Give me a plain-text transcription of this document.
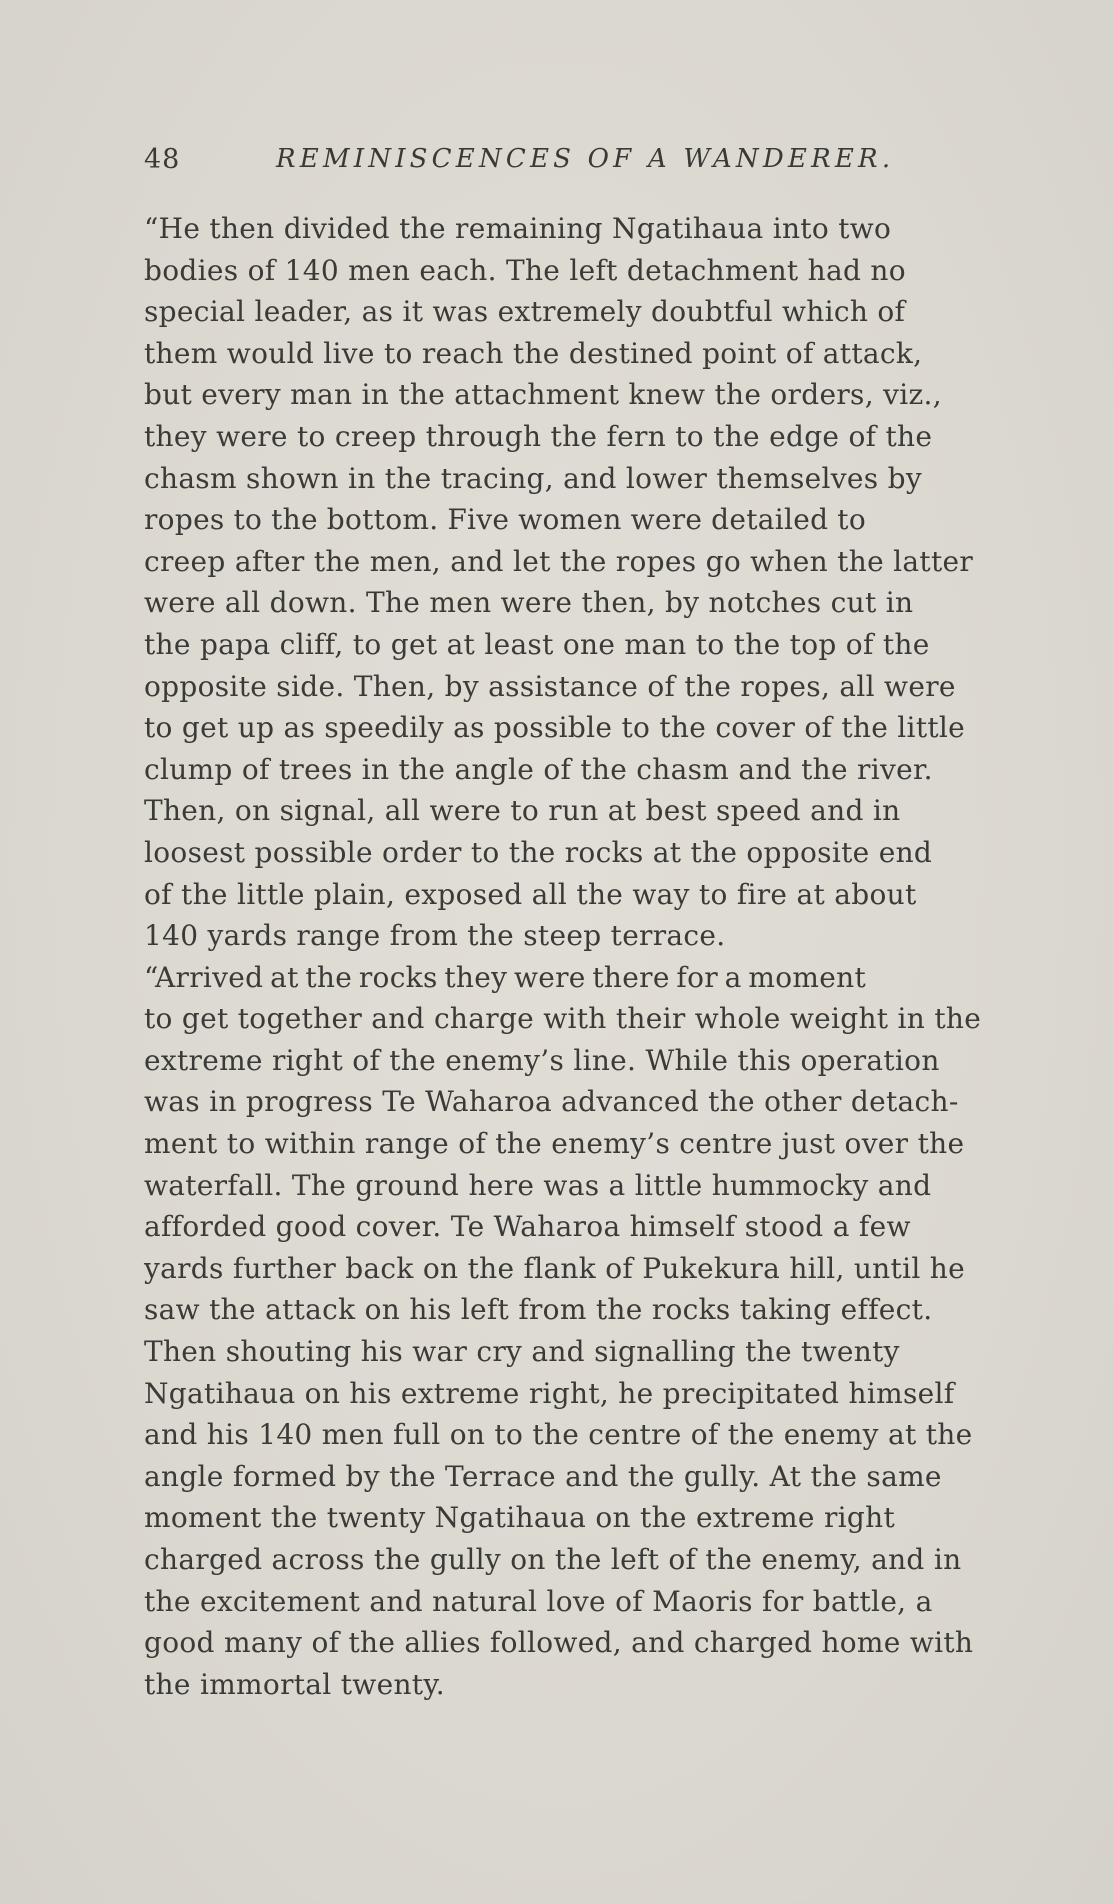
48	REMINISCENCES OF A WANDERER.
“He then divided the remaining Ngatihaua into two
bodies of 140 men each. The left detachment had no
special leader, as it was extremely doubtful which of
them would live to reach the destined point of attack,
but every man in the attachment knew the orders, viz.,
they were to creep through the fern to the edge of the
chasm shown in the tracing, and lower themselves by
ropes to the bottom. Five women were detailed to
creep after the men, and let the ropes go when the latter
were all down. The men were then, by notches cut in
the papa cliff, to get at least one man to the top of the
opposite side. Then, by assistance of the ropes, all were
to get up as speedily as possible to the cover of the little
clump of trees in the angle of the chasm and the river.
Then, on signal, all were to run at best speed and in
loosest possible order to the rocks at the opposite end
of the little plain, exposed all the way to fire at about
140 yards range from the steep terrace.
“Arrived at the rocks they were there for a moment
to get together and charge with their whole weight in the
extreme right of the enemy’s line. While this operation
was in progress Te Waharoa advanced the other detach-
ment to within range of the enemy’s centre just over the
waterfall. The ground here was a little hummocky and
afforded good cover. Te Waharoa himself stood a few
yards further back on the flank of Pukekura hill, until he
saw the attack on his left from the rocks taking effect.
Then shouting his war cry and signalling the twenty
Ngatihaua on his extreme right, he precipitated himself
and his 140 men full on to the centre of the enemy at the
angle formed by the Terrace and the gully. At the same
moment the twenty Ngatihaua on the extreme right
charged across the gully on the left of the enemy, and in
the excitement and natural love of Maoris for battle, a
good many of the allies followed, and charged home with
the immortal twenty.
